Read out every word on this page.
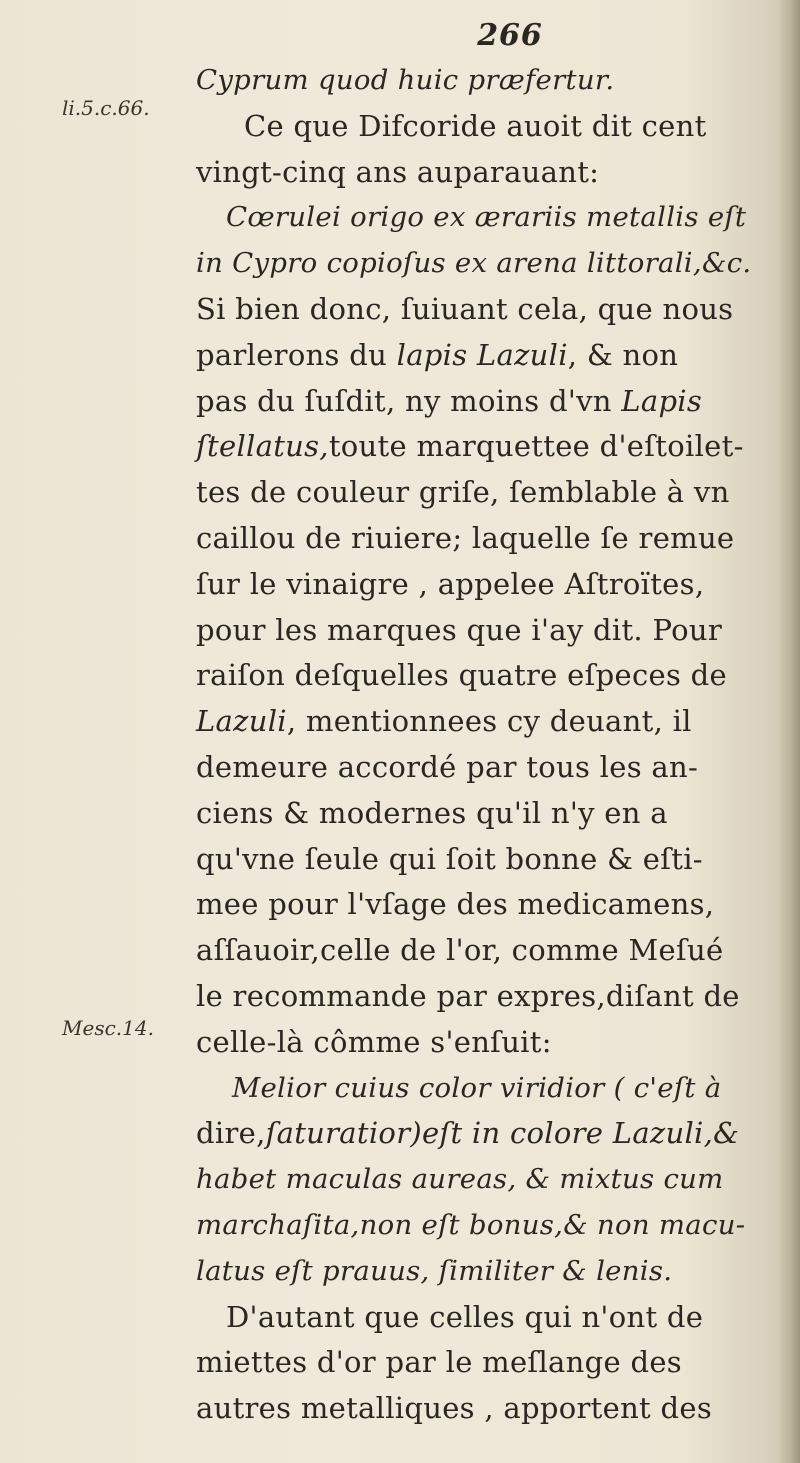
266
li.5.c.66.
Mesc.14.
Cyprum quod huic præfertur.
Ce que Difcoride auoit dit cent
vingt-cinq ans auparauant:
Cœrulei origo ex ærariis metallis eſt
in Cypro copioſus ex arena littorali,&c.
Si bien donc, ſuiuant cela, que nous
parlerons du lapis Lazuli, & non
pas du ſuſdit, ny moins d'vn Lapis
ſtellatus,toute marquettee d'eſtoilet-
tes de couleur griſe, ſemblable à vn
caillou de riuiere; laquelle ſe remue
ſur le vinaigre , appelee Aſtroïtes,
pour les marques que i'ay dit. Pour
raiſon deſquelles quatre eſpeces de
Lazuli, mentionnees cy deuant, il
demeure accordé par tous les an-
ciens & modernes qu'il n'y en a
qu'vne ſeule qui ſoit bonne & eſti-
mee pour l'vſage des medicamens,
aſſauoir,celle de l'or, comme Meſué
le recommande par expres,diſant de
celle-là cômme s'enſuit:
Melior cuius color viridior ( c'eſt à
dire,ſaturatior)eſt in colore Lazuli,&
habet maculas aureas, & mixtus cum
marchaſita,non eſt bonus,& non macu-
latus eſt prauus, ſimiliter & lenis.
D'autant que celles qui n'ont de
miettes d'or par le meſlange des
autres metalliques , apportent des
